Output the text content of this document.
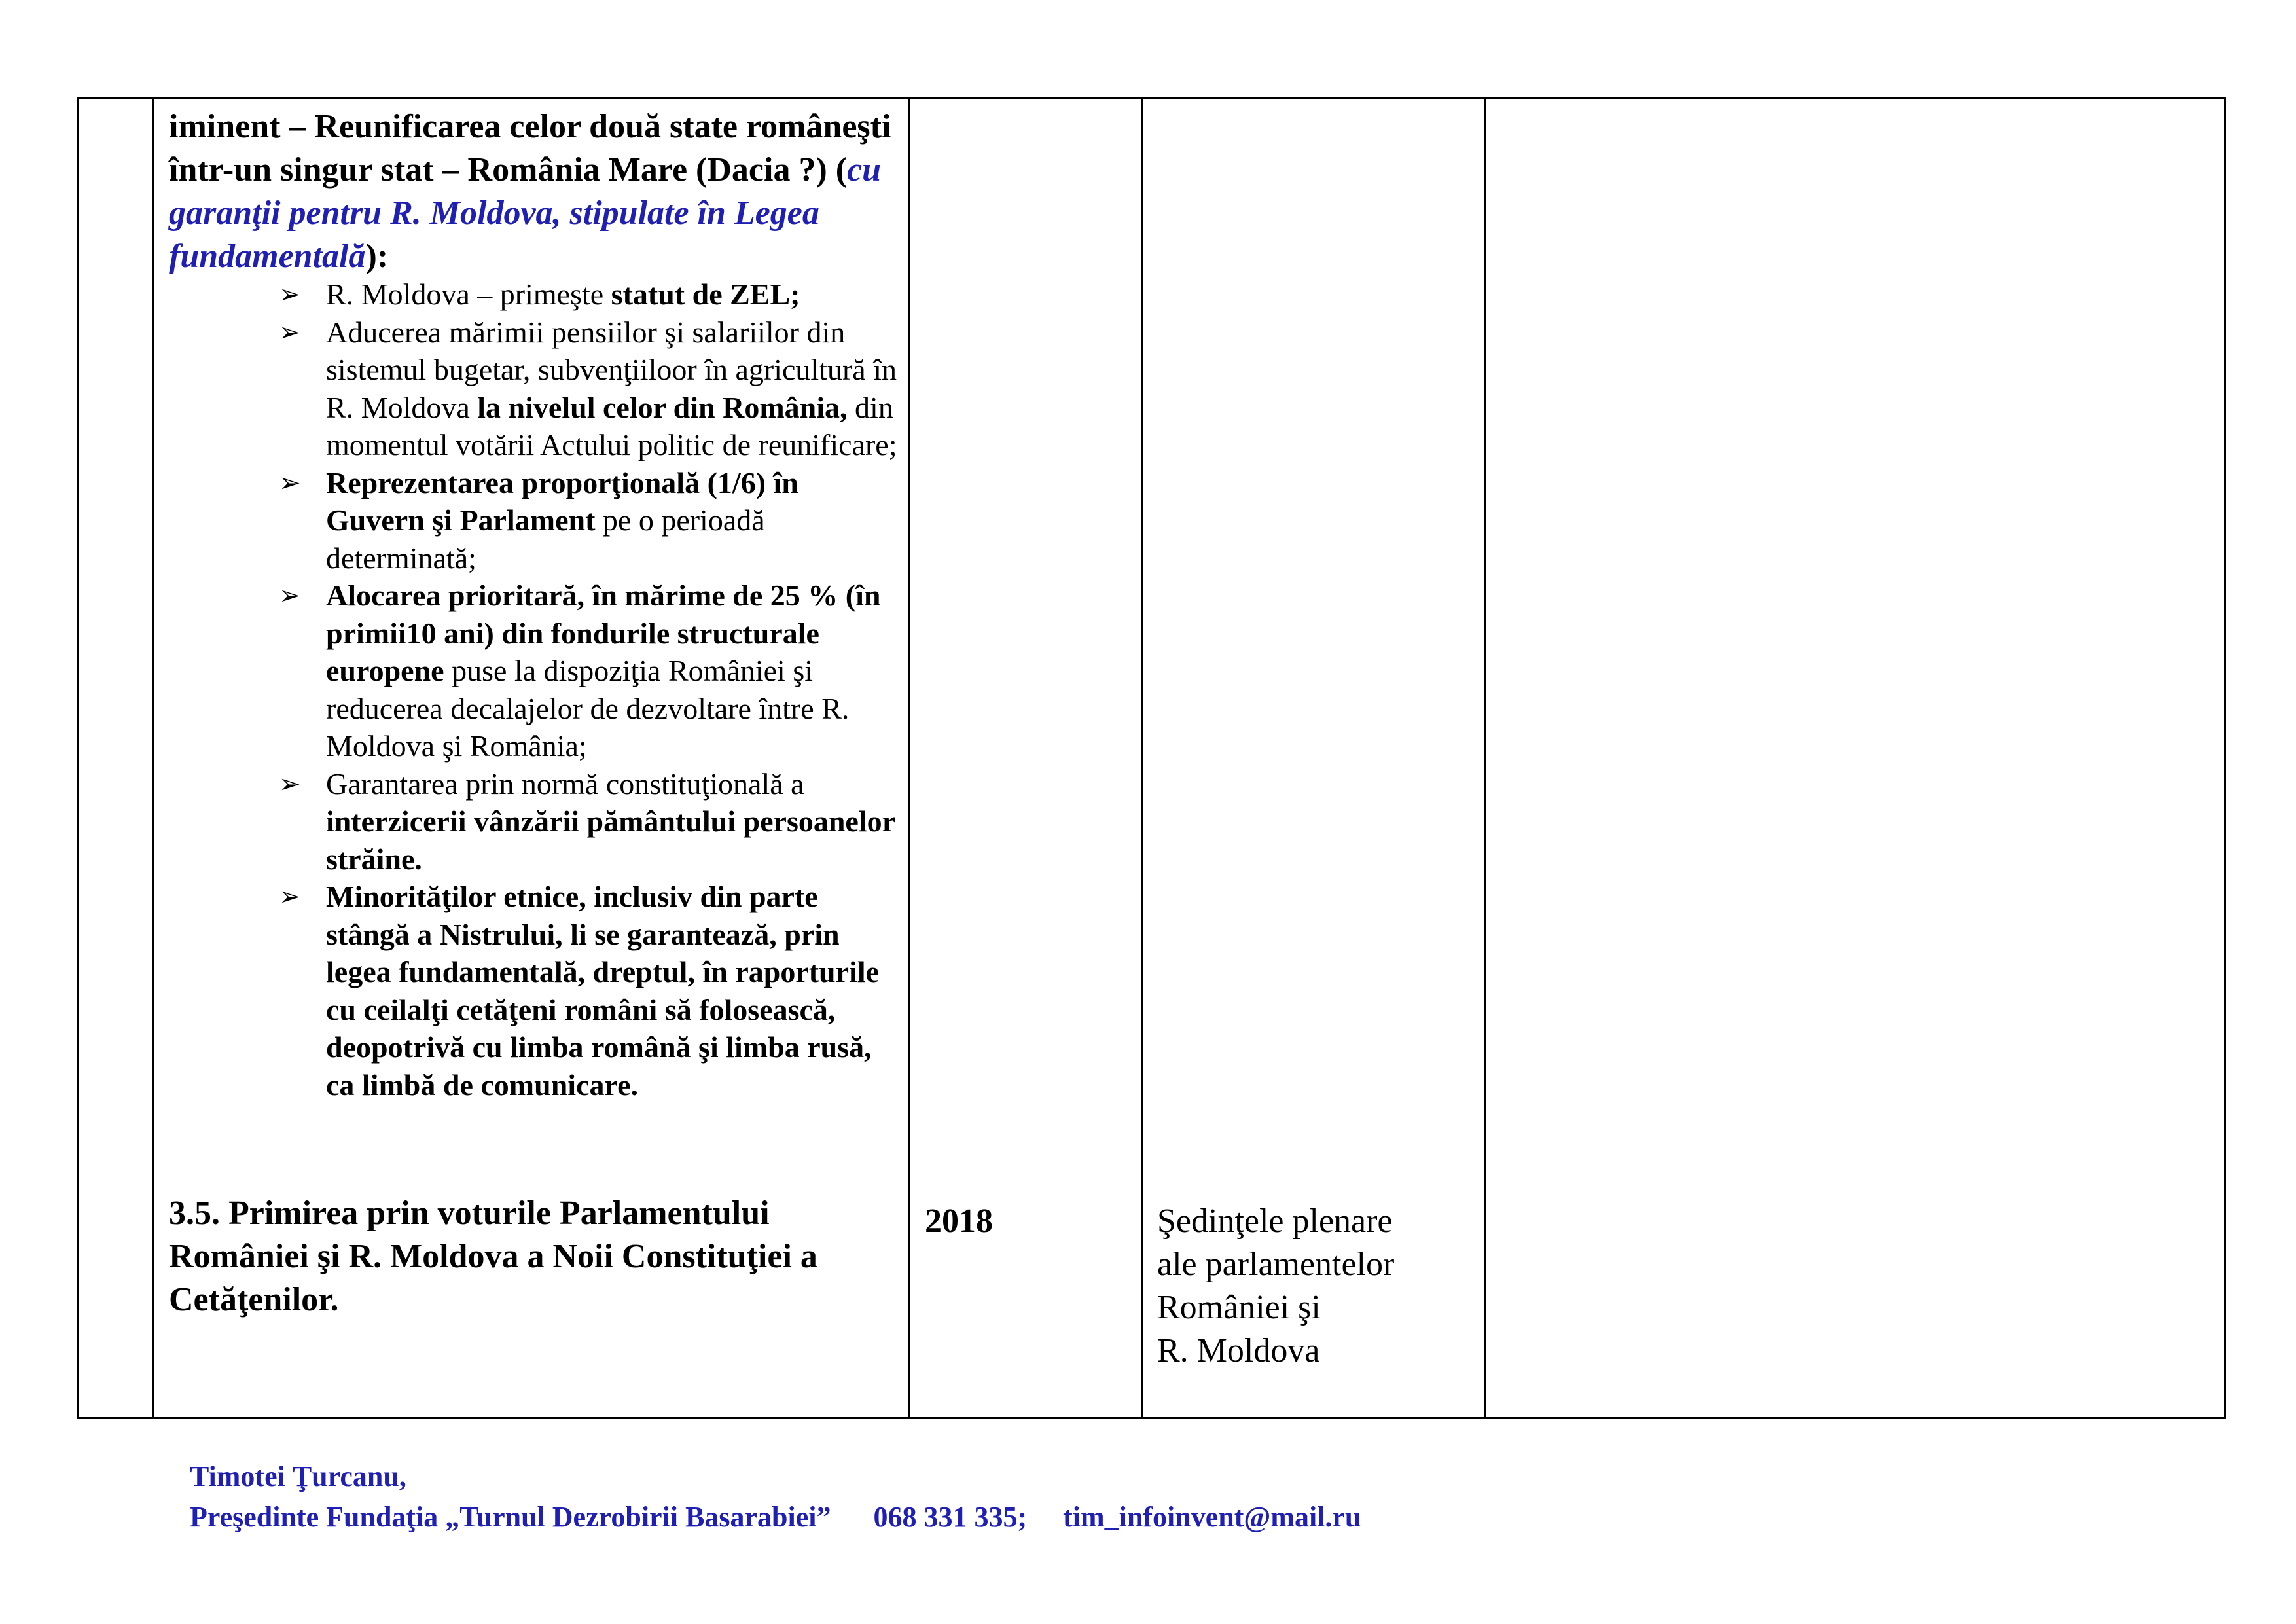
iminent – Reunificarea celor două state româneşti într-un singur stat – România Mare (Dacia ?) (cu garanţii pentru R. Moldova, stipulate în Legea fundamentală):
➢ R. Moldova – primeşte statut de ZEL;
➢ Aducerea mărimii pensiilor şi salariilor din sistemul bugetar, subvenţiiloor în agricultură în R. Moldova la nivelul celor din România, din momentul votării Actului politic de reunificare;
➢ Reprezentarea proporţională (1/6) în Guvern şi Parlament pe o perioadă determinată;
➢ Alocarea prioritară, în mărime de 25 % (în primii10 ani) din fondurile structurale europene puse la dispoziţia României şi reducerea decalajelor de dezvoltare între R. Moldova şi România;
➢ Garantarea prin normă constituţională a interzicerii vânzării pământului persoanelor străine.
➢ Minorităţilor etnice, inclusiv din parte stângă a Nistrului, li se garantează, prin legea fundamentală, dreptul, în raporturile cu ceilalţi cetăţeni români să folosească, deopotrivă cu limba română şi limba rusă, ca limbă de comunicare.
3.5. Primirea prin voturile Parlamentului României şi R. Moldova a Noii Constituţiei a Cetăţenilor.

2018	Şedinţele plenare
ale parlamentelor
României şi
R. Moldova

Timotei Ţurcanu,
Preşedinte Fundaţia „Turnul Dezrobirii Basarabiei” 068 331 335; tim_infoinvent@mail.ru
